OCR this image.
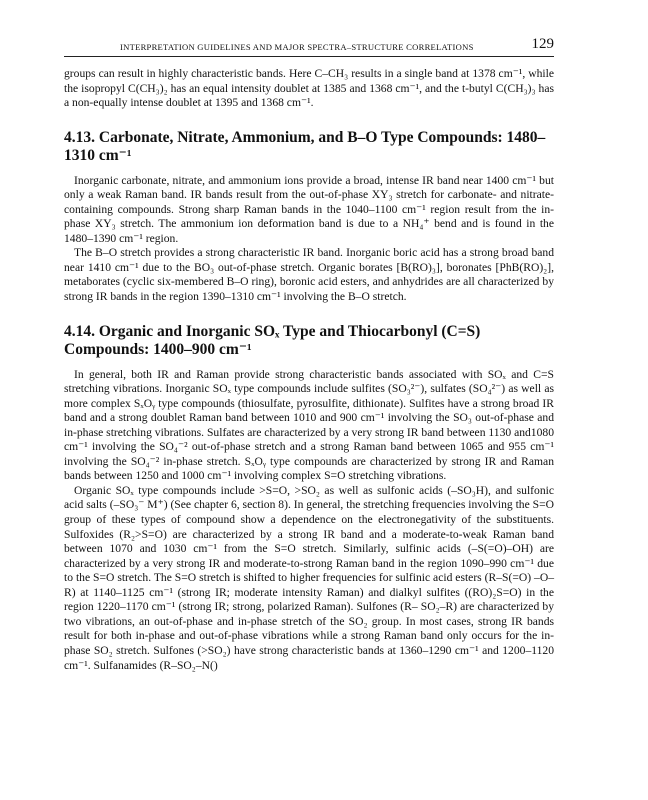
INTERPRETATION GUIDELINES AND MAJOR SPECTRA–STRUCTURE CORRELATIONS	129

groups can result in highly characteristic bands. Here C–CH₃ results in a single band at 1378 cm⁻¹, while the isopropyl C(CH₃)₂ has an equal intensity doublet at 1385 and 1368 cm⁻¹, and the t-butyl C(CH₃)₃ has a non-equally intense doublet at 1395 and 1368 cm⁻¹.

4.13. Carbonate, Nitrate, Ammonium, and B–O Type Compounds: 1480–1310 cm⁻¹

Inorganic carbonate, nitrate, and ammonium ions provide a broad, intense IR band near 1400 cm⁻¹ but only a weak Raman band. IR bands result from the out-of-phase XY₃ stretch for carbonate- and nitrate-containing compounds. Strong sharp Raman bands in the 1040–1100 cm⁻¹ region result from the in-phase XY₃ stretch. The ammonium ion deformation band is due to a NH₄⁺ bend and is found in the 1480–1390 cm⁻¹ region.

The B–O stretch provides a strong characteristic IR band. Inorganic boric acid has a strong broad band near 1410 cm⁻¹ due to the BO₃ out-of-phase stretch. Organic borates [B(RO)₃], boronates [PhB(RO)₂], metaborates (cyclic six-membered B–O ring), boronic acid esters, and anhydrides are all characterized by strong IR bands in the region 1390–1310 cm⁻¹ involving the B–O stretch.

4.14. Organic and Inorganic SOₓ Type and Thiocarbonyl (C=S) Compounds: 1400–900 cm⁻¹

In general, both IR and Raman provide strong characteristic bands associated with SOₓ and C=S stretching vibrations. Inorganic SOₓ type compounds include sulfites (SO₃²⁻), sulfates (SO₄²⁻) as well as more complex SₓOᵧ type compounds (thiosulfate, pyrosulfite, dithionate). Sulfites have a strong broad IR band and a strong doublet Raman band between 1010 and 900 cm⁻¹ involving the SO₃ out-of-phase and in-phase stretching vibrations. Sulfates are characterized by a very strong IR band between 1130 and1080 cm⁻¹ involving the SO₄⁻² out-of-phase stretch and a strong Raman band between 1065 and 955 cm⁻¹ involving the SO₄⁻² in-phase stretch. SₓOᵧ type compounds are characterized by strong IR and Raman bands between 1250 and 1000 cm⁻¹ involving complex S=O stretching vibrations.

Organic SOₓ type compounds include >S=O, >SO₂ as well as sulfonic acids (–SO₃H), and sulfonic acid salts (–SO₃⁻ M⁺) (See chapter 6, section 8). In general, the stretching frequencies involving the S=O group of these types of compound show a dependence on the electronegativity of the substituents. Sulfoxides (R₂>S=O) are characterized by a strong IR band and a moderate-to-weak Raman band between 1070 and 1030 cm⁻¹ from the S=O stretch. Similarly, sulfinic acids (–S(=O)–OH) are characterized by a very strong IR and moderate-to-strong Raman band in the region 1090–990 cm⁻¹ due to the S=O stretch. The S=O stretch is shifted to higher frequencies for sulfinic acid esters (R–S(=O) –O–R) at 1140–1125 cm⁻¹ (strong IR; moderate intensity Raman) and dialkyl sulfites ((RO)₂S=O) in the region 1220–1170 cm⁻¹ (strong IR; strong, polarized Raman). Sulfones (R– SO₂–R) are characterized by two vibrations, an out-of-phase and in-phase stretch of the SO₂ group. In most cases, strong IR bands result for both in-phase and out-of-phase vibrations while a strong Raman band only occurs for the in-phase SO₂ stretch. Sulfones (>SO₂) have strong characteristic bands at 1360–1290 cm⁻¹ and 1200–1120 cm⁻¹. Sulfanamides (R–SO₂–N()
